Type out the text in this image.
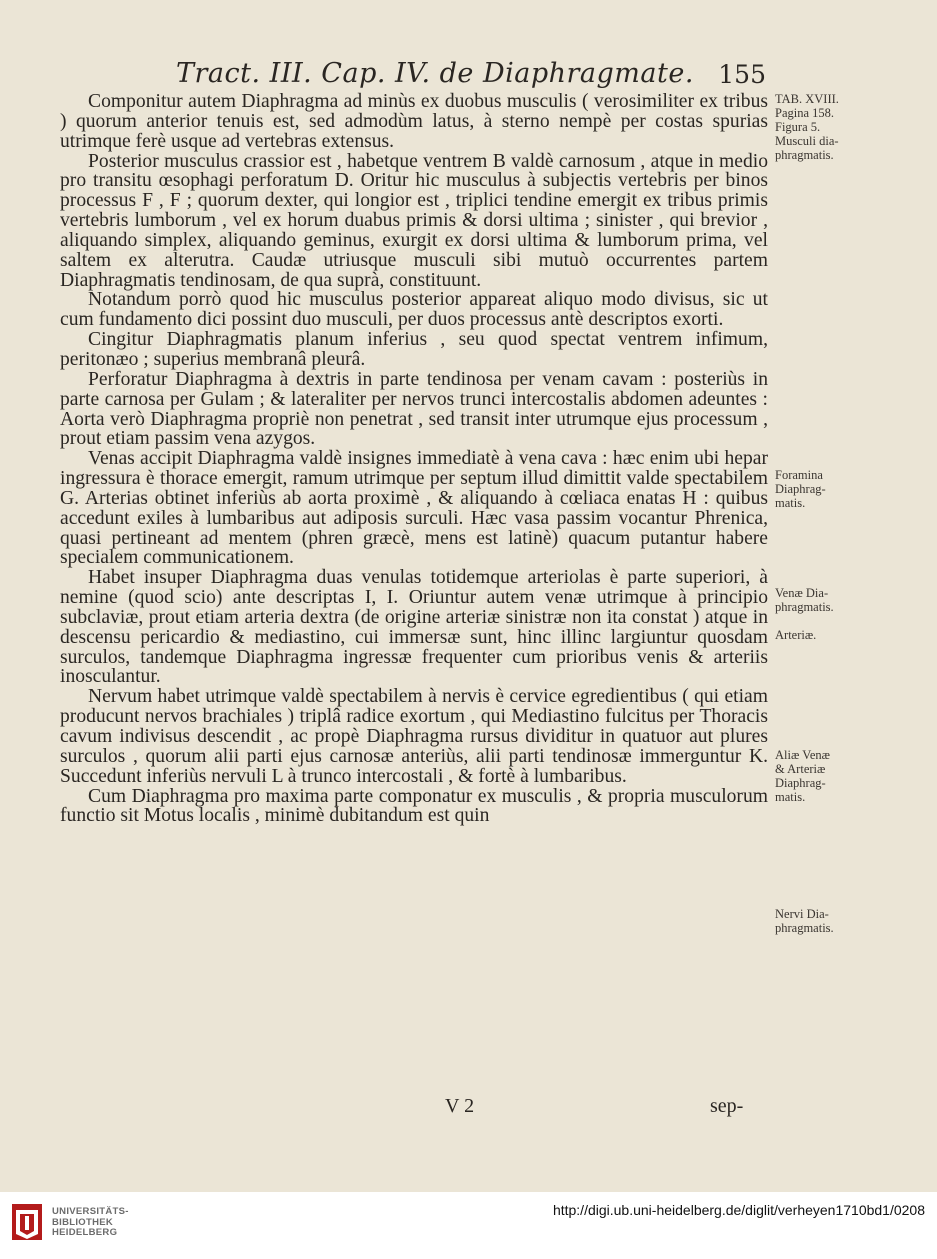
Tract. III. Cap. IV. de Diaphragmate. 155

Componitur autem Diaphragma ad minùs ex duobus musculis ( verosimiliter ex tribus ) quorum anterior tenuis est, sed admodùm latus, à sterno nempè per costas spurias utrimque ferè usque ad vertebras extensus.

Posterior musculus crassior est , habetque ventrem B valdè carnosum , atque in medio pro transitu œsophagi perforatum D. Oritur hic musculus à subjectis vertebris per binos processus F , F ; quorum dexter, qui longior est , triplici tendine emergit ex tribus primis vertebris lumborum , vel ex horum duabus primis & dorsi ultima ; sinister , qui brevior , aliquando simplex, aliquando geminus, exurgit ex dorsi ultima & lumborum prima, vel saltem ex alterutra. Caudæ utriusque musculi sibi mutuò occurrentes partem Diaphragmatis tendinosam, de qua suprà, constituunt.

Notandum porrò quod hic musculus posterior appareat aliquo modo divisus, sic ut cum fundamento dici possint duo musculi, per duos processus antè descriptos exorti.

Cingitur Diaphragmatis planum inferius , seu quod spectat ventrem infimum, peritonæo ; superius membranâ pleurâ.

Perforatur Diaphragma à dextris in parte tendinosa per venam cavam : posteriùs in parte carnosa per Gulam ; & lateraliter per nervos trunci intercostalis abdomen adeuntes : Aorta verò Diaphragma propriè non penetrat , sed transit inter utrumque ejus processum , prout etiam passim vena azygos.

Venas accipit Diaphragma valdè insignes immediatè à vena cava : hæc enim ubi hepar ingressura è thorace emergit, ramum utrimque per septum illud dimittit valde spectabilem G. Arterias obtinet inferiùs ab aorta proximè , & aliquando à cœliaca enatas H : quibus accedunt exiles à lumbaribus aut adiposis surculi. Hæc vasa passim vocantur Phrenica, quasi pertineant ad mentem (phren græcè, mens est latinè) quacum putantur habere specialem communicationem.

Habet insuper Diaphragma duas venulas totidemque arteriolas è parte superiori, à nemine (quod scio) ante descriptas I, I. Oriuntur autem venæ utrimque à principio subclaviæ, prout etiam arteria dextra (de origine arteriæ sinistræ non ita constat ) atque in descensu pericardio & mediastino, cui immersæ sunt, hinc illinc largiuntur quosdam surculos, tandemque Diaphragma ingressæ frequenter cum prioribus venis & arteriis inosculantur.

Nervum habet utrimque valdè spectabilem à nervis è cervice egredientibus ( qui etiam producunt nervos brachiales ) triplâ radice exortum , qui Mediastino fulcitus per Thoracis cavum indivisus descendit , ac propè Diaphragma rursus dividitur in quatuor aut plures surculos , quorum alii parti ejus carnosæ anteriùs, alii parti tendinosæ immerguntur K. Succedunt inferiùs nervuli L à trunco intercostali , & fortè à lumbaribus.

Cum Diaphragma pro maxima parte componatur ex musculis , & propria musculorum functio sit Motus localis , minimè dubitandum est quin

TAB. XVIII.
Pagina 158.
Figura 5.
Musculi dia-
phragmatis.
Foramina
Diaphrag-
matis.
Venæ Dia-
phragmatis.
Arteriæ.
Aliæ Venæ
& Arteriæ
Diaphrag-
matis.
Nervi Dia-
phragmatis.
V 2	sep-
UNIVERSITÄTS-
BIBLIOTHEK
HEIDELBERG
http://digi.ub.uni-heidelberg.de/diglit/verheyen1710bd1/0208
